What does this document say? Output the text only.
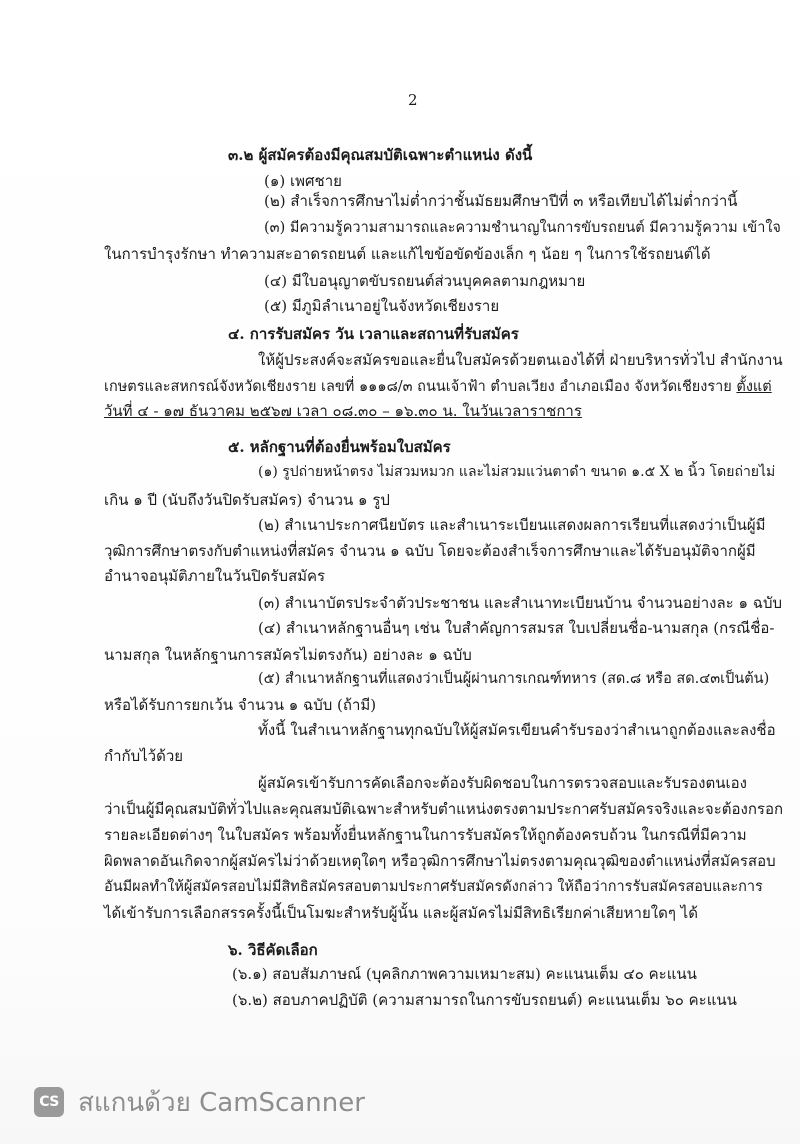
2
๓.๒ ผู้สมัครต้องมีคุณสมบัติเฉพาะตำแหน่ง ดังนี้
(๑) เพศชาย
(๒) สำเร็จการศึกษาไม่ต่ำกว่าชั้นมัธยมศึกษาปีที่ ๓ หรือเทียบได้ไม่ต่ำกว่านี้
(๓) มีความรู้ความสามารถและความชำนาญในการขับรถยนต์ มีความรู้ความ เข้าใจ
ในการบำรุงรักษา ทำความสะอาดรถยนต์ และแก้ไขข้อขัดข้องเล็ก ๆ น้อย ๆ ในการใช้รถยนต์ได้
(๔) มีใบอนุญาตขับรถยนต์ส่วนบุคคลตามกฎหมาย
(๕) มีภูมิลำเนาอยู่ในจังหวัดเชียงราย
๔. การรับสมัคร วัน เวลาและสถานที่รับสมัคร
ให้ผู้ประสงค์จะสมัครขอและยื่นใบสมัครด้วยตนเองได้ที่ ฝ่ายบริหารทั่วไป สำนักงาน
เกษตรและสหกรณ์จังหวัดเชียงราย เลขที่ ๑๑๑๘/๓ ถนนเจ้าฟ้า ตำบลเวียง อำเภอเมือง จังหวัดเชียงราย ตั้งแต่
วันที่ ๔ - ๑๗ ธันวาคม ๒๕๖๗ เวลา ๐๘.๓๐ – ๑๖.๓๐ น. ในวันเวลาราชการ
๕. หลักฐานที่ต้องยื่นพร้อมใบสมัคร
(๑) รูปถ่ายหน้าตรง ไม่สวมหมวก และไม่สวมแว่นตาดำ ขนาด ๑.๕ X ๒ นิ้ว โดยถ่ายไม่
เกิน ๑ ปี (นับถึงวันปิดรับสมัคร) จำนวน ๑ รูป
(๒) สำเนาประกาศนียบัตร และสำเนาระเบียนแสดงผลการเรียนที่แสดงว่าเป็นผู้มี
วุฒิการศึกษาตรงกับตำแหน่งที่สมัคร จำนวน ๑ ฉบับ โดยจะต้องสำเร็จการศึกษาและได้รับอนุมัติจากผู้มี
อำนาจอนุมัติภายในวันปิดรับสมัคร
(๓) สำเนาบัตรประจำตัวประชาชน และสำเนาทะเบียนบ้าน จำนวนอย่างละ ๑ ฉบับ
(๔) สำเนาหลักฐานอื่นๆ เช่น ใบสำคัญการสมรส ใบเปลี่ยนชื่อ-นามสกุล (กรณีชื่อ-
นามสกุล ในหลักฐานการสมัครไม่ตรงกัน) อย่างละ ๑ ฉบับ
(๕) สำเนาหลักฐานที่แสดงว่าเป็นผู้ผ่านการเกณฑ์ทหาร (สด.๘ หรือ สด.๔๓เป็นต้น)
หรือได้รับการยกเว้น จำนวน ๑ ฉบับ (ถ้ามี)
ทั้งนี้ ในสำเนาหลักฐานทุกฉบับให้ผู้สมัครเขียนคำรับรองว่าสำเนาถูกต้องและลงชื่อ
กำกับไว้ด้วย
ผู้สมัครเข้ารับการคัดเลือกจะต้องรับผิดชอบในการตรวจสอบและรับรองตนเอง
ว่าเป็นผู้มีคุณสมบัติทั่วไปและคุณสมบัติเฉพาะสำหรับตำแหน่งตรงตามประกาศรับสมัครจริงและจะต้องกรอก
รายละเอียดต่างๆ ในใบสมัคร พร้อมทั้งยื่นหลักฐานในการรับสมัครให้ถูกต้องครบถ้วน ในกรณีที่มีความ
ผิดพลาดอันเกิดจากผู้สมัครไม่ว่าด้วยเหตุใดๆ หรือวุฒิการศึกษาไม่ตรงตามคุณวุฒิของตำแหน่งที่สมัครสอบ
อันมีผลทำให้ผู้สมัครสอบไม่มีสิทธิสมัครสอบตามประกาศรับสมัครดังกล่าว ให้ถือว่าการรับสมัครสอบและการ
ได้เข้ารับการเลือกสรรครั้งนี้เป็นโมฆะสำหรับผู้นั้น และผู้สมัครไม่มีสิทธิเรียกค่าเสียหายใดๆ ได้
๖. วิธีคัดเลือก
(๖.๑) สอบสัมภาษณ์ (บุคลิกภาพความเหมาะสม) คะแนนเต็ม ๔๐ คะแนน
(๖.๒) สอบภาคปฏิบัติ (ความสามารถในการขับรถยนต์) คะแนนเต็ม ๖๐ คะแนน
CS สแกนด้วย CamScanner
